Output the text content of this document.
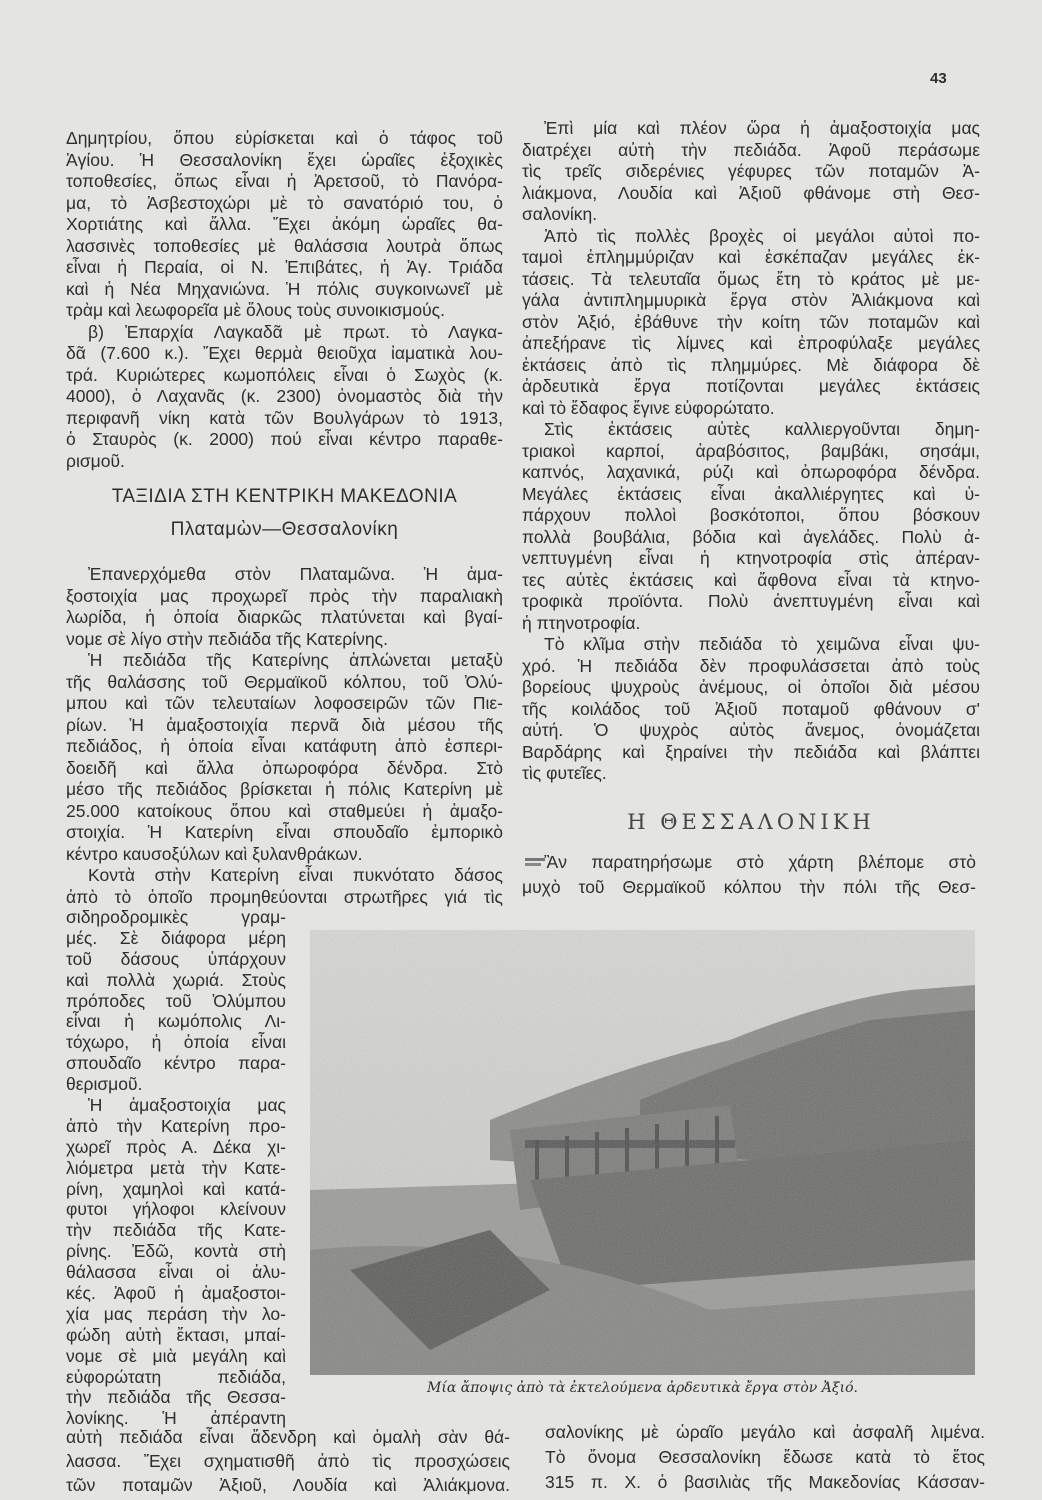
43
Δημητρίου, ὅπου εὑρίσκεται καὶ ὁ τάφος τοῦ
Ἁγίου. Ἡ Θεσσαλονίκη ἔχει ὡραῖες ἐξοχικὲς
τοποθεσίες, ὅπως εἶναι ἡ Ἀρετσοῦ, τὸ Πανόρα-
μα, τὸ Ἀσβεστοχώρι μὲ τὸ σανατόριό του, ὁ
Χορτιάτης καὶ ἄλλα. Ἔχει ἀκόμη ὡραῖες θα-
λασσινὲς τοποθεσίες μὲ θαλάσσια λουτρὰ ὅπως
εἶναι ἡ Περαία, οἱ Ν. Ἐπιβάτες, ἡ Ἁγ. Τριάδα
καὶ ἡ Νέα Μηχανιώνα. Ἡ πόλις συγκοινωνεῖ μὲ
τρὰμ καὶ λεωφορεῖα μὲ ὅλους τοὺς συνοικισμούς.
β) Ἐπαρχία Λαγκαδᾶ μὲ πρωτ. τὸ Λαγκα-
δᾶ (7.600 κ.). Ἔχει θερμὰ θειοῦχα ἰαματικὰ λου-
τρά. Κυριώτερες κωμοπόλεις εἶναι ὁ Σωχὸς (κ.
4000), ὁ Λαχανᾶς (κ. 2300) ὀνομαστὸς διὰ τὴν
περιφανῆ νίκη κατὰ τῶν Βουλγάρων τὸ 1913,
ὁ Σταυρὸς (κ. 2000) πού εἶναι κέντρο παραθε-
ρισμοῦ.
ΤΑΞΙΔΙΑ ΣΤΗ ΚΕΝΤΡΙΚΗ ΜΑΚΕΔΟΝΙΑ
Πλαταμὼν—Θεσσαλονίκη
Ἐπανερχόμεθα στὸν Πλαταμῶνα. Ἡ ἁμα-
ξοστοιχία μας προχωρεῖ πρὸς τὴν παραλιακὴ
λωρίδα, ἡ ὁποία διαρκῶς πλατύνεται καὶ βγαί-
νομε σὲ λίγο στὴν πεδιάδα τῆς Κατερίνης.
Ἡ πεδιάδα τῆς Κατερίνης ἁπλώνεται μεταξὺ
τῆς θαλάσσης τοῦ Θερμαϊκοῦ κόλπου, τοῦ Ὀλύ-
μπου καὶ τῶν τελευταίων λοφοσειρῶν τῶν Πιε-
ρίων. Ἡ ἁμαξοστοιχία περνᾶ διὰ μέσου τῆς
πεδιάδος, ἡ ὁποία εἶναι κατάφυτη ἀπὸ ἐσπερι-
δοειδῆ καὶ ἄλλα ὀπωροφόρα δένδρα. Στὸ
μέσο τῆς πεδιάδος βρίσκεται ἡ πόλις Κατερίνη μὲ
25.000 κατοίκους ὅπου καὶ σταθμεύει ἡ ἁμαξο-
στοιχία. Ἡ Κατερίνη εἶναι σπουδαῖο ἐμπορικὸ
κέντρο καυσοξύλων καὶ ξυλανθράκων.
Κοντὰ στὴν Κατερίνη εἶναι πυκνότατο δάσος
ἀπὸ τὸ ὁποῖο προμηθεύονται στρωτῆρες γιά τὶς
σιδηροδρομικὲς γραμ-
μές. Σὲ διάφορα μέρη
τοῦ δάσους ὑπάρχουν
καὶ πολλὰ χωριά. Στοὺς
πρόποδες τοῦ Ὀλύμπου
εἶναι ἡ κωμόπολις Λι-
τόχωρο, ἡ ὁποία εἶναι
σπουδαῖο κέντρο παρα-
θερισμοῦ.
Ἡ ἁμαξοστοιχία μας
ἀπὸ τὴν Κατερίνη προ-
χωρεῖ πρὸς Α. Δέκα χι-
λιόμετρα μετὰ τὴν Κατε-
ρίνη, χαμηλοὶ καὶ κατά-
φυτοι γήλοφοι κλείνουν
τὴν πεδιάδα τῆς Κατε-
ρίνης. Ἐδῶ, κοντὰ στὴ
θάλασσα εἶναι οἱ ἁλυ-
κές. Ἀφοῦ ἡ ἁμαξοστοι-
χία μας περάση τὴν λο-
φώδη αὐτὴ ἔκτασι, μπαί-
νομε σὲ μιὰ μεγάλη καὶ
εὐφορώτατη πεδιάδα,
τὴν πεδιάδα τῆς Θεσσα-
λονίκης. Ἡ ἀπέραντη
αὐτὴ πεδιάδα εἶναι ἄδενδρη καὶ ὁμαλὴ σὰν θά-
λασσα. Ἔχει σχηματισθῆ ἀπὸ τὶς προσχώσεις
τῶν ποταμῶν Ἀξιοῦ, Λουδία καὶ Ἀλιάκμονα.
Ἐπὶ μία καὶ πλέον ὥρα ἡ ἁμαξοστοιχία μας
διατρέχει αὐτὴ τὴν πεδιάδα. Ἀφοῦ περάσωμε
τὶς τρεῖς σιδερένιες γέφυρες τῶν ποταμῶν Ἀ-
λιάκμονα, Λουδία καὶ Ἀξιοῦ φθάνομε στὴ Θεσ-
σαλονίκη.
Ἀπὸ τὶς πολλὲς βροχὲς οἱ μεγάλοι αὐτοὶ πο-
ταμοὶ ἐπλημμύριζαν καὶ ἐσκέπαζαν μεγάλες ἐκ-
τάσεις. Τὰ τελευταῖα ὅμως ἔτη τὸ κράτος μὲ με-
γάλα ἀντιπλημμυρικὰ ἔργα στὸν Ἀλιάκμονα καὶ
στὸν Ἀξιό, ἐβάθυνε τὴν κοίτη τῶν ποταμῶν καὶ
ἀπεξήρανε τὶς λίμνες καὶ ἐπροφύλαξε μεγάλες
ἐκτάσεις ἀπὸ τὶς πλημμύρες. Μὲ διάφορα δὲ
ἀρδευτικὰ ἔργα ποτίζονται μεγάλες ἐκτάσεις
καὶ τὸ ἔδαφος ἔγινε εὐφορώτατο.
Στὶς ἐκτάσεις αὐτὲς καλλιεργοῦνται δημη-
τριακοὶ καρποί, ἀραβόσιτος, βαμβάκι, σησάμι,
καπνός, λαχανικά, ρύζι καὶ ὀπωροφόρα δένδρα.
Μεγάλες ἐκτάσεις εἶναι ἀκαλλιέργητες καὶ ὑ-
πάρχουν πολλοὶ βοσκότοποι, ὅπου βόσκουν
πολλὰ βουβάλια, βόδια καὶ ἀγελάδες. Πολὺ ἀ-
νεπτυγμένη εἶναι ἡ κτηνοτροφία στὶς ἀπέραν-
τες αὐτὲς ἐκτάσεις καὶ ἄφθονα εἶναι τὰ κτηνο-
τροφικὰ προϊόντα. Πολὺ ἀνεπτυγμένη εἶναι καὶ
ἡ πτηνοτροφία.
Τὸ κλῖμα στὴν πεδιάδα τὸ χειμῶνα εἶναι ψυ-
χρό. Ἡ πεδιάδα δὲν προφυλάσσεται ἀπὸ τοὺς
βορείους ψυχροὺς ἀνέμους, οἱ ὁποῖοι διὰ μέσου
τῆς κοιλάδος τοῦ Ἀξιοῦ ποταμοῦ φθάνουν σ'
αὐτή. Ὁ ψυχρὸς αὐτὸς ἄνεμος, ὀνομάζεται
Βαρδάρης καὶ ξηραίνει τὴν πεδιάδα καὶ βλάπτει
τὶς φυτεῖες.
Η ΘΕΣΣΑΛΟΝΙΚΗ
Ἂν παρατηρήσωμε στὸ χάρτη βλέπομε στὸ
μυχὸ τοῦ Θερμαϊκοῦ κόλπου τὴν πόλι τῆς Θεσ-
σαλονίκης μὲ ὡραῖο μεγάλο καὶ ἀσφαλῆ λιμένα.
Τὸ ὄνομα Θεσσαλονίκη ἔδωσε κατὰ τὸ ἔτος
315 π. Χ. ὁ βασιλιὰς τῆς Μακεδονίας Κάσσαν-
Μία ἄποψις ἀπὸ τὰ ἐκτελούμενα ἀρδευτικὰ ἔργα στὸν Ἀξιό.
